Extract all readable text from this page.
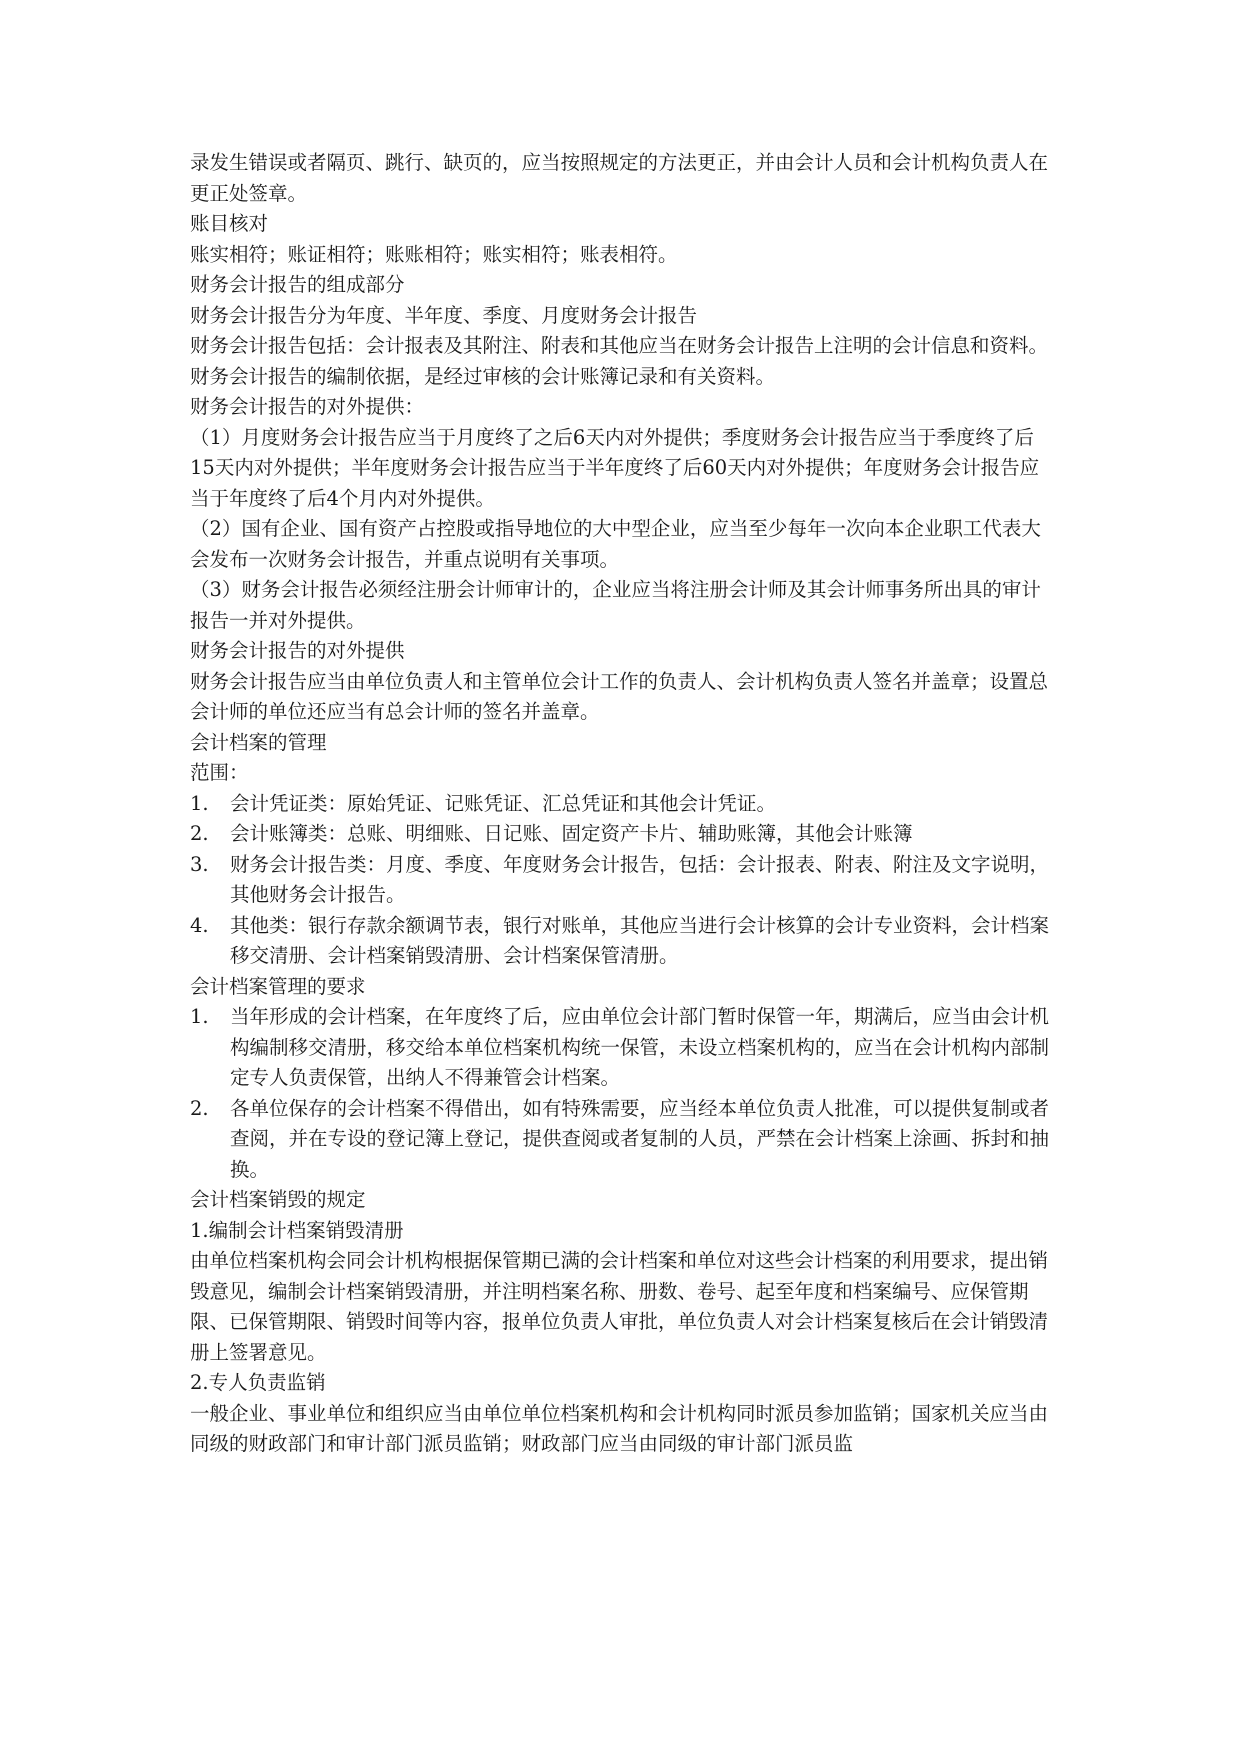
录发生错误或者隔页、跳行、缺页的，应当按照规定的方法更正，并由会计人员和会计机构负责人在更正处签章。

账目核对

账实相符；账证相符；账账相符；账实相符；账表相符。

财务会计报告的组成部分

财务会计报告分为年度、半年度、季度、月度财务会计报告

财务会计报告包括：会计报表及其附注、附表和其他应当在财务会计报告上注明的会计信息和资料。

财务会计报告的编制依据，是经过审核的会计账簿记录和有关资料。

财务会计报告的对外提供：

（1）月度财务会计报告应当于月度终了之后6天内对外提供；季度财务会计报告应当于季度终了后15天内对外提供；半年度财务会计报告应当于半年度终了后60天内对外提供；年度财务会计报告应当于年度终了后4个月内对外提供。

（2）国有企业、国有资产占控股或指导地位的大中型企业，应当至少每年一次向本企业职工代表大会发布一次财务会计报告，并重点说明有关事项。

（3）财务会计报告必须经注册会计师审计的，企业应当将注册会计师及其会计师事务所出具的审计报告一并对外提供。

财务会计报告的对外提供

财务会计报告应当由单位负责人和主管单位会计工作的负责人、会计机构负责人签名并盖章；设置总会计师的单位还应当有总会计师的签名并盖章。

会计档案的管理

范围：

1.	会计凭证类：原始凭证、记账凭证、汇总凭证和其他会计凭证。
2.	会计账簿类：总账、明细账、日记账、固定资产卡片、辅助账簿，其他会计账簿
3.	财务会计报告类：月度、季度、年度财务会计报告，包括：会计报表、附表、附注及文字说明，其他财务会计报告。
4.	其他类：银行存款余额调节表，银行对账单，其他应当进行会计核算的会计专业资料，会计档案移交清册、会计档案销毁清册、会计档案保管清册。

会计档案管理的要求

1.	当年形成的会计档案，在年度终了后，应由单位会计部门暂时保管一年，期满后，应当由会计机构编制移交清册，移交给本单位档案机构统一保管，未设立档案机构的，应当在会计机构内部制定专人负责保管，出纳人不得兼管会计档案。
2.	各单位保存的会计档案不得借出，如有特殊需要，应当经本单位负责人批准，可以提供复制或者查阅，并在专设的登记簿上登记，提供查阅或者复制的人员，严禁在会计档案上涂画、拆封和抽换。

会计档案销毁的规定

1.编制会计档案销毁清册

由单位档案机构会同会计机构根据保管期已满的会计档案和单位对这些会计档案的利用要求，提出销毁意见，编制会计档案销毁清册，并注明档案名称、册数、卷号、起至年度和档案编号、应保管期限、已保管期限、销毁时间等内容，报单位负责人审批，单位负责人对会计档案复核后在会计销毁清册上签署意见。

2.专人负责监销

一般企业、事业单位和组织应当由单位单位档案机构和会计机构同时派员参加监销；国家机关应当由同级的财政部门和审计部门派员监销；财政部门应当由同级的审计部门派员监
